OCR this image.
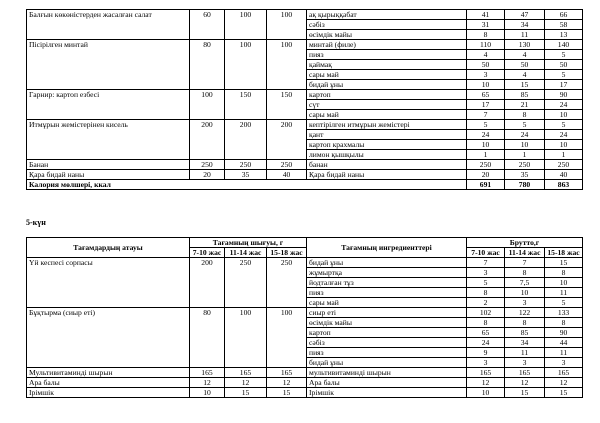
Балғын көкөністерден жасалған салат	60	100	100	ақ қырыққабат	41	47	66
				сәбіз	31	34	58
				өсімдік майы	8	11	13
Пісірілген минтай	80	100	100	минтай (филе)	110	130	140
				пияз	4	4	5
				қаймақ	50	50	50
				сары май	3	4	5
				бидай ұны	10	15	17
Гарнир: картоп езбесі	100	150	150	картоп	65	85	90
				сүт	17	21	24
				сары май	7	8	10
Итмұрын жемістерінен кисель	200	200	200	кептірілген итмұрын жемістері	5	5	5
				қант	24	24	24
				картоп крахмалы	10	10	10
				лимон қышқылы	1	1	1
Банан	250	250	250	банан	250	250	250
Қара бидай наны	20	35	40	Қара бидай наны	20	35	40
Калория мөлшері, ккал					691	780	863
5-күн
Тағамдардың атауы	Тағамның шығуы, г			Тағамның ингредиенттері	Брутто,г		
	7-10 жас	11-14 жас	15-18 жас		7-10 жас	11-14 жас	15-18 жас
Үй кеспесі сорпасы	200	250	250	бидай ұны	7	7	15
				жұмыртқа	3	8	8
				йодталған тұз	5	7,5	10
				пияз	8	10	11
				сары май	2	3	5
Бұқтырма (сиыр еті)	80	100	100	сиыр еті	102	122	133
				өсімдік майы	8	8	8
				картоп	65	85	90
				сәбіз	24	34	44
				пияз	9	11	11
				бидай ұны	3	3	3
Мультивитаминді шырын	165	165	165	мультивитаминді шырын	165	165	165
Ара балы	12	12	12	Ара балы	12	12	12
Ірімшік	10	15	15	Ірімшік	10	15	15
